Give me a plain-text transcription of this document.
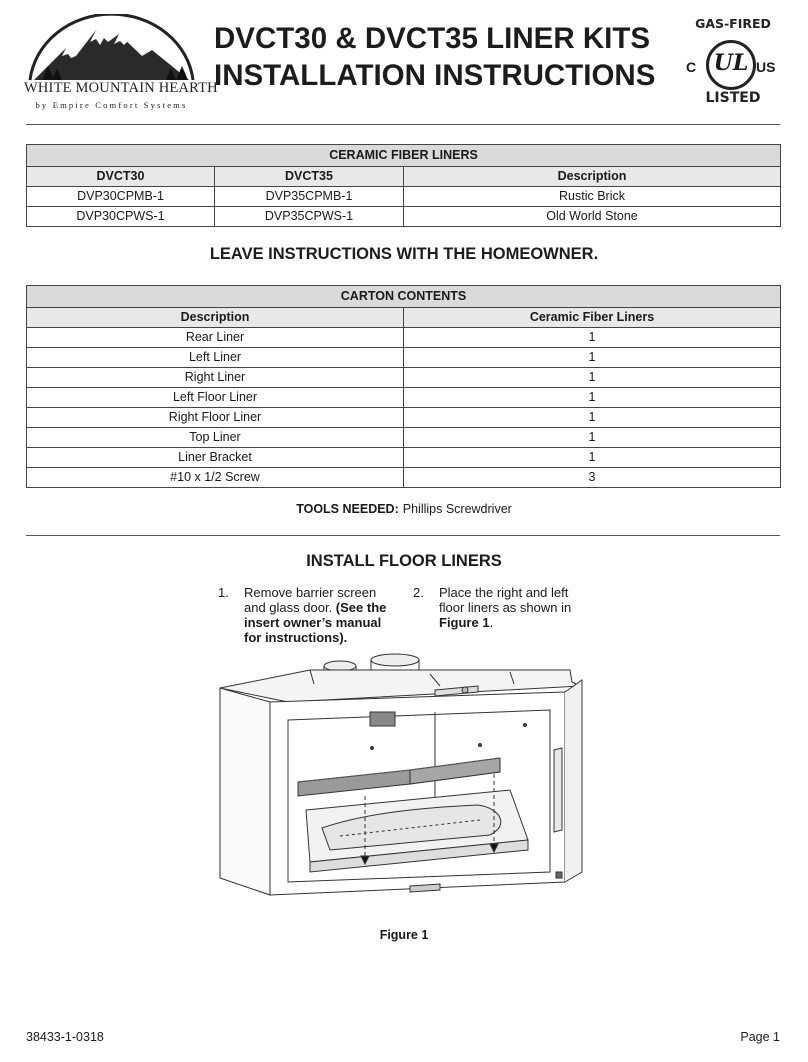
WHITE MOUNTAIN HEARTH
by Empire Comfort Systems
DVCT30 & DVCT35 LINER KITS
INSTALLATION INSTRUCTIONS
GAS-FIRED
C UL US
LISTED
CERAMIC FIBER LINERS		
DVCT30	DVCT35	Description
DVP30CPMB-1	DVP35CPMB-1	Rustic Brick
DVP30CPWS-1	DVP35CPWS-1	Old World Stone
LEAVE INSTRUCTIONS WITH THE HOMEOWNER.
CARTON CONTENTS	
Description	Ceramic Fiber Liners
Rear Liner	1
Left Liner	1
Right Liner	1
Left Floor Liner	1
Right Floor Liner	1
Top Liner	1
Liner Bracket	1
#10 x 1/2 Screw	3
TOOLS NEEDED: Phillips Screwdriver
INSTALL FLOOR LINERS
1. Remove barrier screen
and glass door. (See the
insert owner’s manual
for instructions).
2. Place the right and left
floor liners as shown in
Figure 1.
Figure 1
38433-1-0318	Page 1
